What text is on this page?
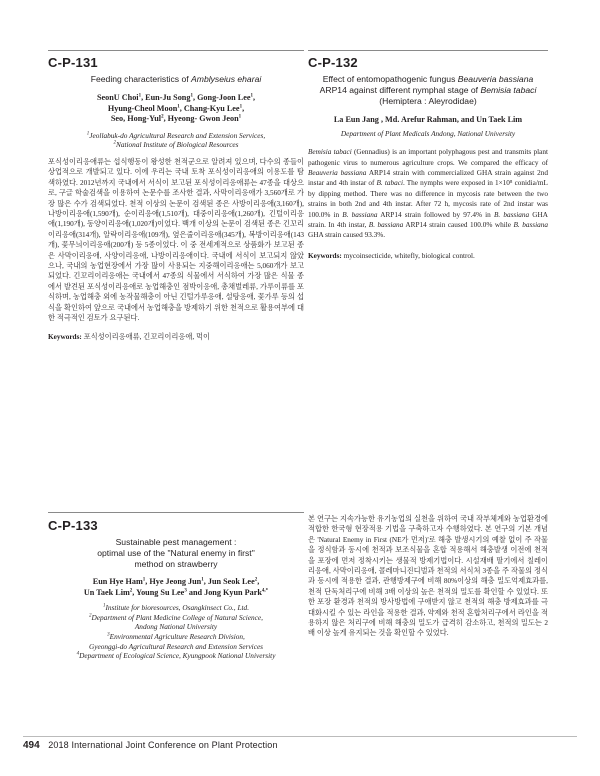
C-P-131

Feeding characteristics of Amblyseius eharai

SeonU Choi$^1$, Eun-Ju Song$^1$, Gong-Joon Lee$^1$,
Hyung-Cheol Moon$^1$, Chang-Kyu Lee$^1$,
Seo, Hong-Yul$^2$, Hyeong- Gwon Jeon$^1$

$^1$Jeollabuk-do Agricultural Research and Extension Services,
$^2$National Institute of Biological Resources

포식성이리응애류는 섭식행동이 왕성한 천적군으로 알려져 있으며, 다수의 종들이 상업적으로 개발되고 있다. 이에 우리는 국내 토착 포식성이리응애의 이용도를 탐색하였다. 2012년까지 국내에서 서식이 보고된 포식성이리응애류는 47종을 대상으로, 구글 학술검색을 이용하여 논문수를 조사한 결과, 사막이리응애가 3,560개로 가장 많은 수가 검색되었다. 천적 이상의 논문이 검색된 종은 사방이리응애(3,160개), 나방이리응애(1,590개), 순이리응애(1,510개), 대중이리응애(1,260개), 긴털이리응애(1,190개), 동양이리응애(1,020개)이었다. 백개 이상의 논문이 검색된 종은 긴꼬리이리응애(314개), 알락이리응애(109개), 옆은줄이리응애(345개), 복방이리응애(143개), 꽃무늬이리응애(200개) 등 5종이었다. 이 중 전세계적으로 상품화가 보고된 종은 사막이리응애, 사양이리응애, 나방이리응애이다. 국내에 서식이 보고되지 않았으나, 국내의 농업현장에서 가장 많이 사용되는 지중해이리응애는 5,060개가 보고되었다. 긴꼬리이리응애는 국내에서 47종의 식물에서 서식하여 가장 많은 식물 종에서 발견된 포식성이리응애로 농업해충인 점박이응애, 총채벌레류, 가루이류를 포식하며, 농업해충 외에 농작물해충이 아닌 긴털가루응애, 설탕응애, 꽃가루 등의 섭식을 확인하여 앞으로 국내에서 농업해충을 방제하기 위한 천적으로 활용여부에 대한 적극적인 검토가 요구된다.

Keywords: 포식성이리응애류, 긴꼬리이리응애, 먹이

C-P-132

Effect of entomopathogenic fungus Beauveria bassiana
ARP14 against different nymphal stage of Bemisia tabaci
(Hemiptera : Aleyrodidae)

La Eun Jang , Md. Arefur Rahman, and Un Taek Lim

Department of Plant Medicals Andong, National University

Bemisia tabaci (Gennadius) is an important polyphagous pest and transmits plant pathogenic virus to numerous agriculture crops. We compared the efficacy of Beauveria bassiana ARP14 strain with commercialized GHA strain against 2nd instar and 4th instar of B. tabaci. The nymphs were exposed in 1×10⁸ conidia/mL by dipping method. There was no difference in mycosis rate between the two strains in both 2nd and 4th instar. After 72 h, mycosis rate of 2nd instar was 100.0% in B. bassiana ARP14 strain followed by 97.4% in B. bassiana GHA strain. In 4th instar, B. bassiana ARP14 strain caused 100.0% while B. bassiana GHA strain caused 93.3%.

Keywords: mycoinsecticide, whitefly, biological control.

C-P-133

Sustainable pest management :
optimal use of the "Natural enemy in first"
method on strawberry

Eun Hye Ham$^1$, Hye Jeong Jun$^1$, Jun Seok Lee$^2$,
Un Taek Lim$^2$, Young Su Lee$^3$ and Jong Kyun Park$^{4,*}$

$^1$Institute for bioresources, Osangkinsect Co., Ltd.
$^2$Department of Plant Medicine College of Natural Science,
Andong National University
$^3$Environmental Agriculture Research Division,
Gyeonggi-do Agricultural Research and Extension Services
$^4$Department of Ecological Science, Kyungpook National University

본 연구는 지속가능한 유기농업의 실천을 위하여 국내 작부체계와 농업환경에 적합한 한국형 현장적용 기법을 구축하고자 수행하였다. 본 연구의 기본 개념은 'Natural Enemy in First (NE가 먼저)'로 해충 발생시기의 예찰 없이 주 작물을 정식함과 동시에 천적과 보조식물을 혼합 적용해서 해충발생 이전에 천적을 포장에 먼저 정착시키는 생물적 방제기법이다. 시설재배 딸기에서 칠레이리응애, 사막이리응애, 콜레마니진디벌과 천적의 서식처 3종을 주 작물의 정식과 동시에 적용한 결과, 관행방제구에 비해 80%이상의 해충 밀도억제효과를, 천적 단독처리구에 비해 3배 이상의 높은 천적의 밀도를 확인할 수 있었다. 또한 포장 환경과 천적의 방사방법에 구애받지 않고 천적의 해충 방제효과를 극대화시킬 수 있는 라인을 적용한 결과, 약제와 천적 혼합처리구에서 라인을 적용하지 않은 처리구에 비해 해충의 밀도가 급격히 감소하고, 천적의 밀도는 2배 이상 높게 유지되는 것을 확인할 수 있었다.

494 2018 International Joint Conference on Plant Protection
